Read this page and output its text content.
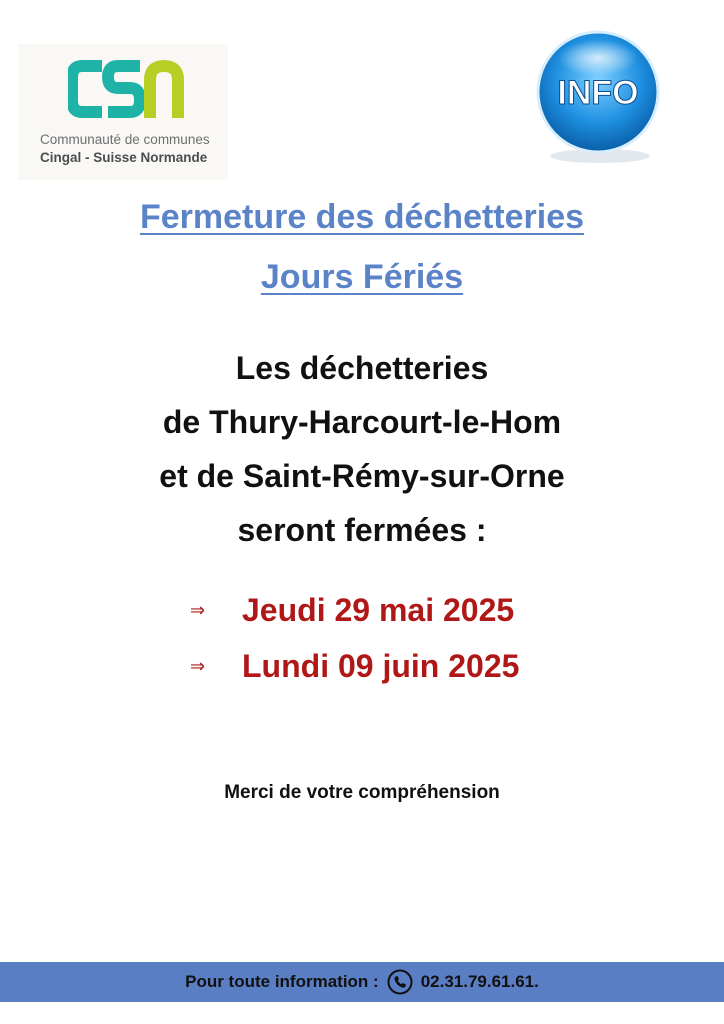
Communauté de communes
Cingal - Suisse Normande
INFO
Fermeture des déchetteries
Jours Fériés
Les déchetteries
de Thury-Harcourt-le-Hom
et de Saint-Rémy-sur-Orne
seront fermées :
⇒	Jeudi 29 mai 2025
⇒	Lundi 09 juin 2025
Merci de votre compréhension
Pour toute information : 02.31.79.61.61.
